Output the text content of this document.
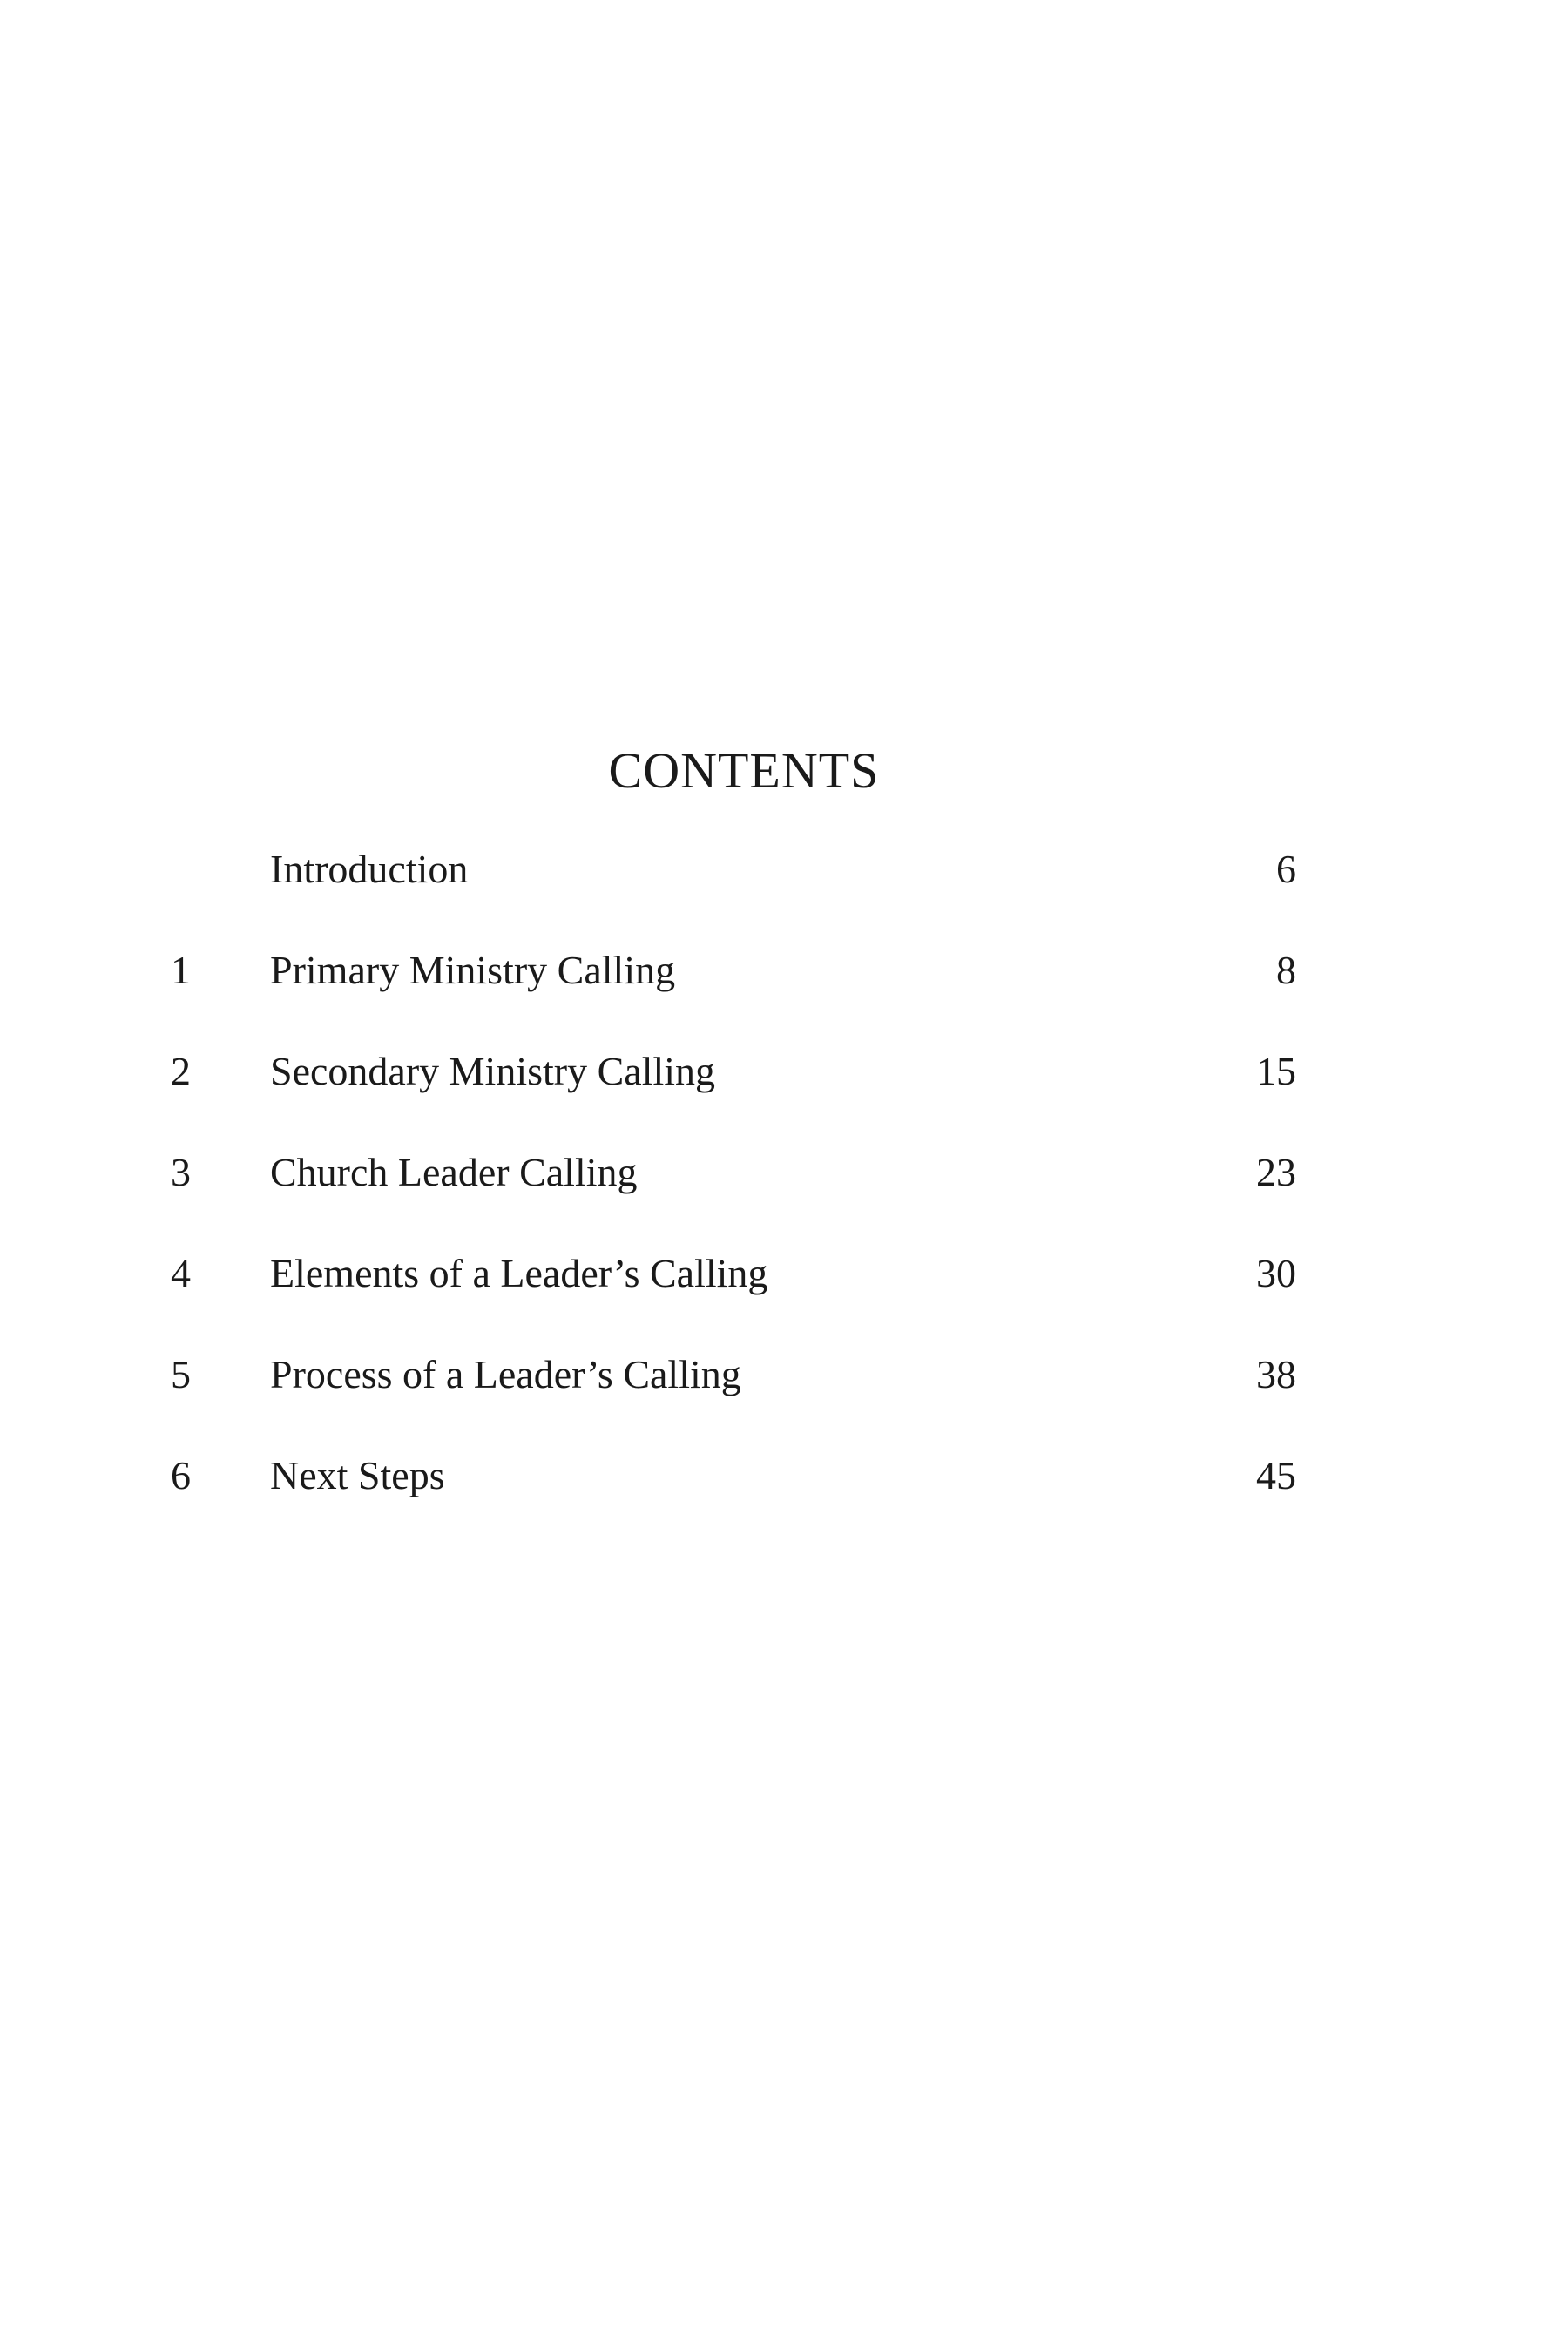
CONTENTS
Introduction	6
1 Primary Ministry Calling	8
2 Secondary Ministry Calling	15
3 Church Leader Calling	23
4 Elements of a Leader’s Calling	30
5 Process of a Leader’s Calling	38
6 Next Steps	45
